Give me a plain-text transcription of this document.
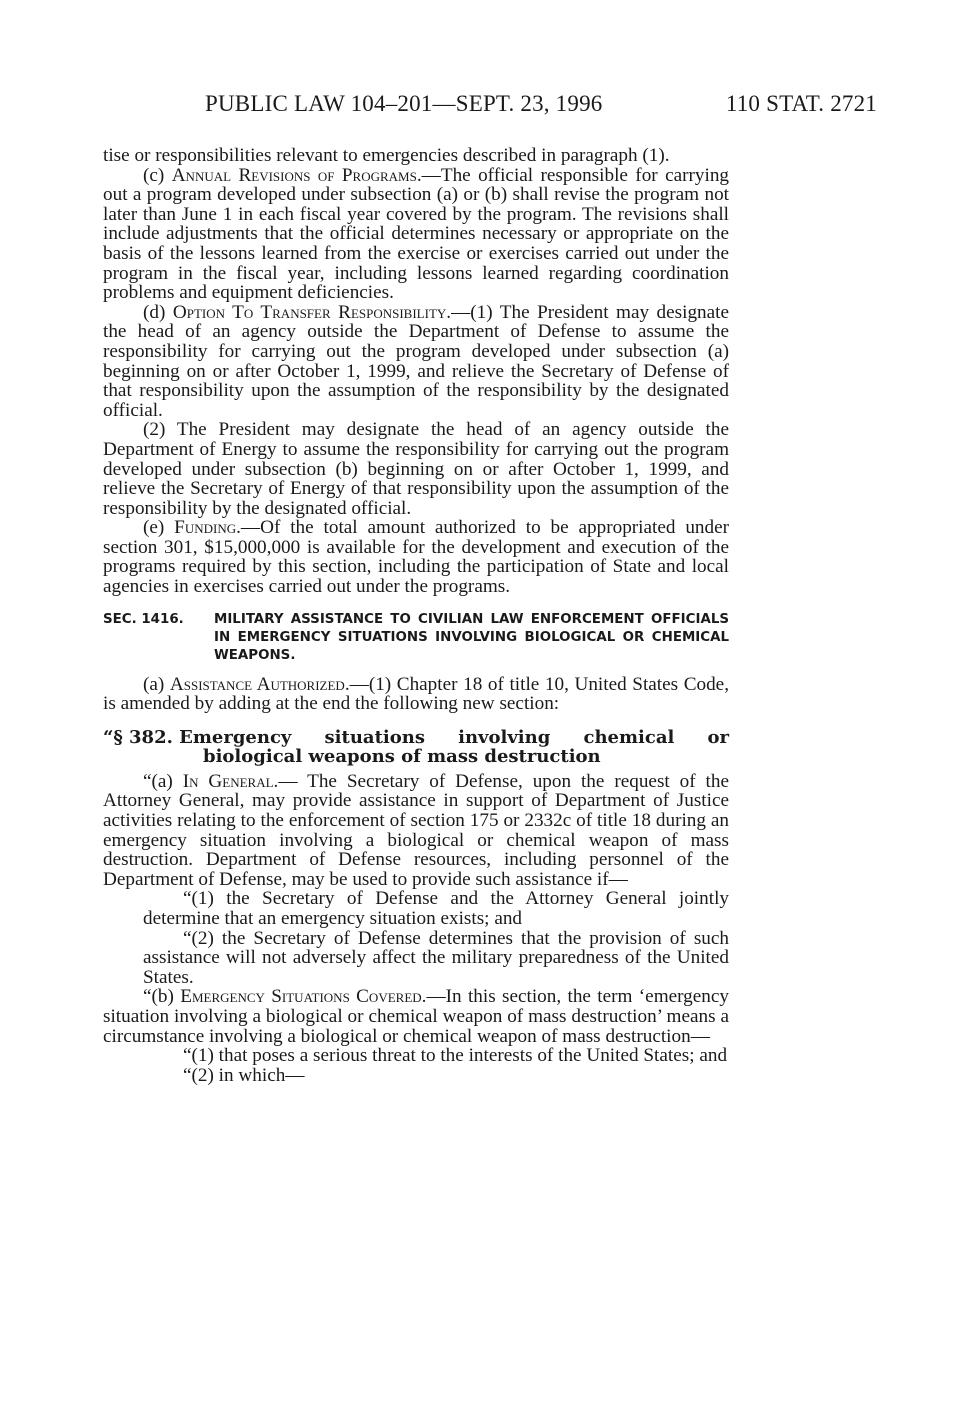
PUBLIC LAW 104–201—SEPT. 23, 1996	110 STAT. 2721

tise or responsibilities relevant to emergencies described in paragraph (1).

(c) Annual Revisions of Programs.—The official responsible for carrying out a program developed under subsection (a) or (b) shall revise the program not later than June 1 in each fiscal year covered by the program. The revisions shall include adjustments that the official determines necessary or appropriate on the basis of the lessons learned from the exercise or exercises carried out under the program in the fiscal year, including lessons learned regarding coordination problems and equipment deficiencies.

(d) Option To Transfer Responsibility.—(1) The President may designate the head of an agency outside the Department of Defense to assume the responsibility for carrying out the program developed under subsection (a) beginning on or after October 1, 1999, and relieve the Secretary of Defense of that responsibility upon the assumption of the responsibility by the designated official.

(2) The President may designate the head of an agency outside the Department of Energy to assume the responsibility for carrying out the program developed under subsection (b) beginning on or after October 1, 1999, and relieve the Secretary of Energy of that responsibility upon the assumption of the responsibility by the designated official.

(e) Funding.—Of the total amount authorized to be appropriated under section 301, $15,000,000 is available for the development and execution of the programs required by this section, including the participation of State and local agencies in exercises carried out under the programs.

SEC. 1416. MILITARY ASSISTANCE TO CIVILIAN LAW ENFORCEMENT OFFICIALS IN EMERGENCY SITUATIONS INVOLVING BIOLOGICAL OR CHEMICAL WEAPONS.

(a) Assistance Authorized.—(1) Chapter 18 of title 10, United States Code, is amended by adding at the end the following new section:

“§ 382. Emergency situations involving chemical or
biological weapons of mass destruction

“(a) In General.— The Secretary of Defense, upon the request of the Attorney General, may provide assistance in support of Department of Justice activities relating to the enforcement of section 175 or 2332c of title 18 during an emergency situation involving a biological or chemical weapon of mass destruction. Department of Defense resources, including personnel of the Department of Defense, may be used to provide such assistance if—

“(1) the Secretary of Defense and the Attorney General jointly determine that an emergency situation exists; and

“(2) the Secretary of Defense determines that the provision of such assistance will not adversely affect the military preparedness of the United States.

“(b) Emergency Situations Covered.—In this section, the term ‘emergency situation involving a biological or chemical weapon of mass destruction’ means a circumstance involving a biological or chemical weapon of mass destruction—

“(1) that poses a serious threat to the interests of the United States; and

“(2) in which—
